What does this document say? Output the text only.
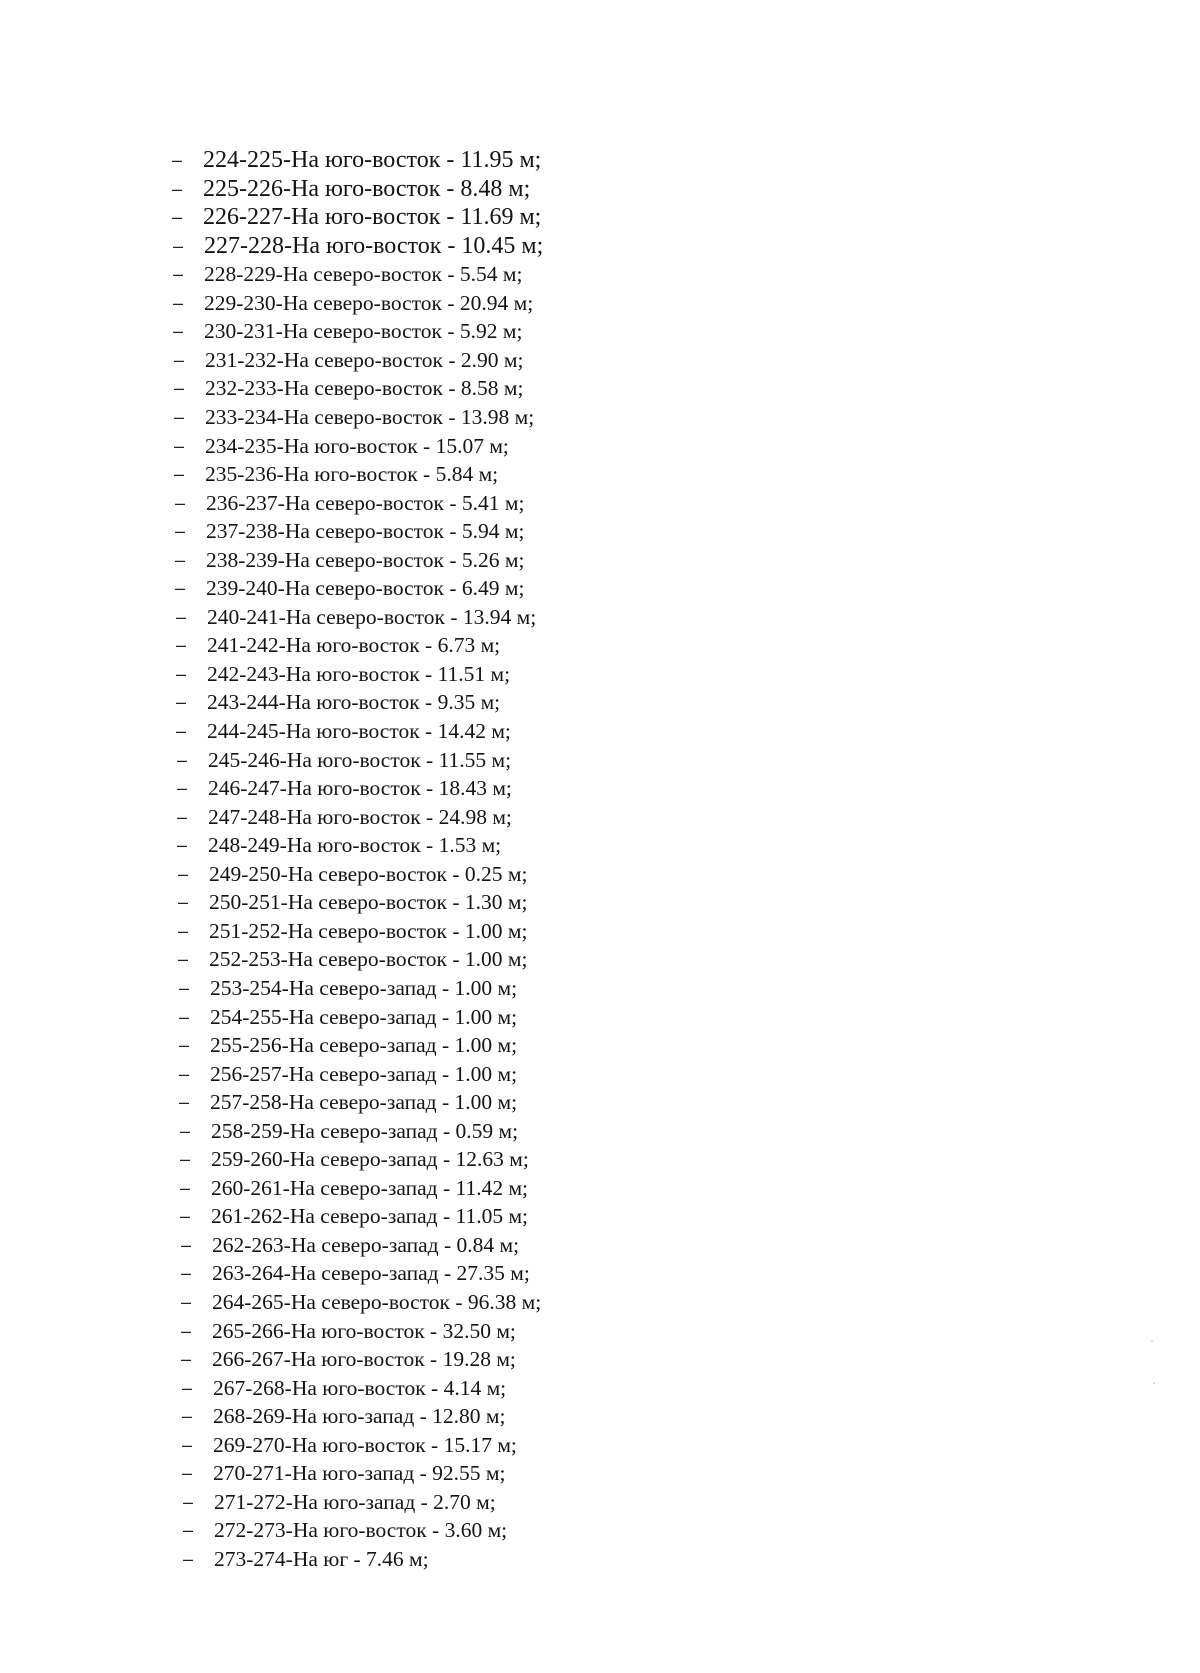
– 224-225-На юго-восток - 11.95 м;
– 225-226-На юго-восток - 8.48 м;
– 226-227-На юго-восток - 11.69 м;
– 227-228-На юго-восток - 10.45 м;
– 228-229-На северо-восток - 5.54 м;
– 229-230-На северо-восток - 20.94 м;
– 230-231-На северо-восток - 5.92 м;
– 231-232-На северо-восток - 2.90 м;
– 232-233-На северо-восток - 8.58 м;
– 233-234-На северо-восток - 13.98 м;
– 234-235-На юго-восток - 15.07 м;
– 235-236-На юго-восток - 5.84 м;
– 236-237-На северо-восток - 5.41 м;
– 237-238-На северо-восток - 5.94 м;
– 238-239-На северо-восток - 5.26 м;
– 239-240-На северо-восток - 6.49 м;
– 240-241-На северо-восток - 13.94 м;
– 241-242-На юго-восток - 6.73 м;
– 242-243-На юго-восток - 11.51 м;
– 243-244-На юго-восток - 9.35 м;
– 244-245-На юго-восток - 14.42 м;
– 245-246-На юго-восток - 11.55 м;
– 246-247-На юго-восток - 18.43 м;
– 247-248-На юго-восток - 24.98 м;
– 248-249-На юго-восток - 1.53 м;
– 249-250-На северо-восток - 0.25 м;
– 250-251-На северо-восток - 1.30 м;
– 251-252-На северо-восток - 1.00 м;
– 252-253-На северо-восток - 1.00 м;
– 253-254-На северо-запад - 1.00 м;
– 254-255-На северо-запад - 1.00 м;
– 255-256-На северо-запад - 1.00 м;
– 256-257-На северо-запад - 1.00 м;
– 257-258-На северо-запад - 1.00 м;
– 258-259-На северо-запад - 0.59 м;
– 259-260-На северо-запад - 12.63 м;
– 260-261-На северо-запад - 11.42 м;
– 261-262-На северо-запад - 11.05 м;
– 262-263-На северо-запад - 0.84 м;
– 263-264-На северо-запад - 27.35 м;
– 264-265-На северо-восток - 96.38 м;
– 265-266-На юго-восток - 32.50 м;
– 266-267-На юго-восток - 19.28 м;
– 267-268-На юго-восток - 4.14 м;
– 268-269-На юго-запад - 12.80 м;
– 269-270-На юго-восток - 15.17 м;
– 270-271-На юго-запад - 92.55 м;
– 271-272-На юго-запад - 2.70 м;
– 272-273-На юго-восток - 3.60 м;
– 273-274-На юг - 7.46 м;
